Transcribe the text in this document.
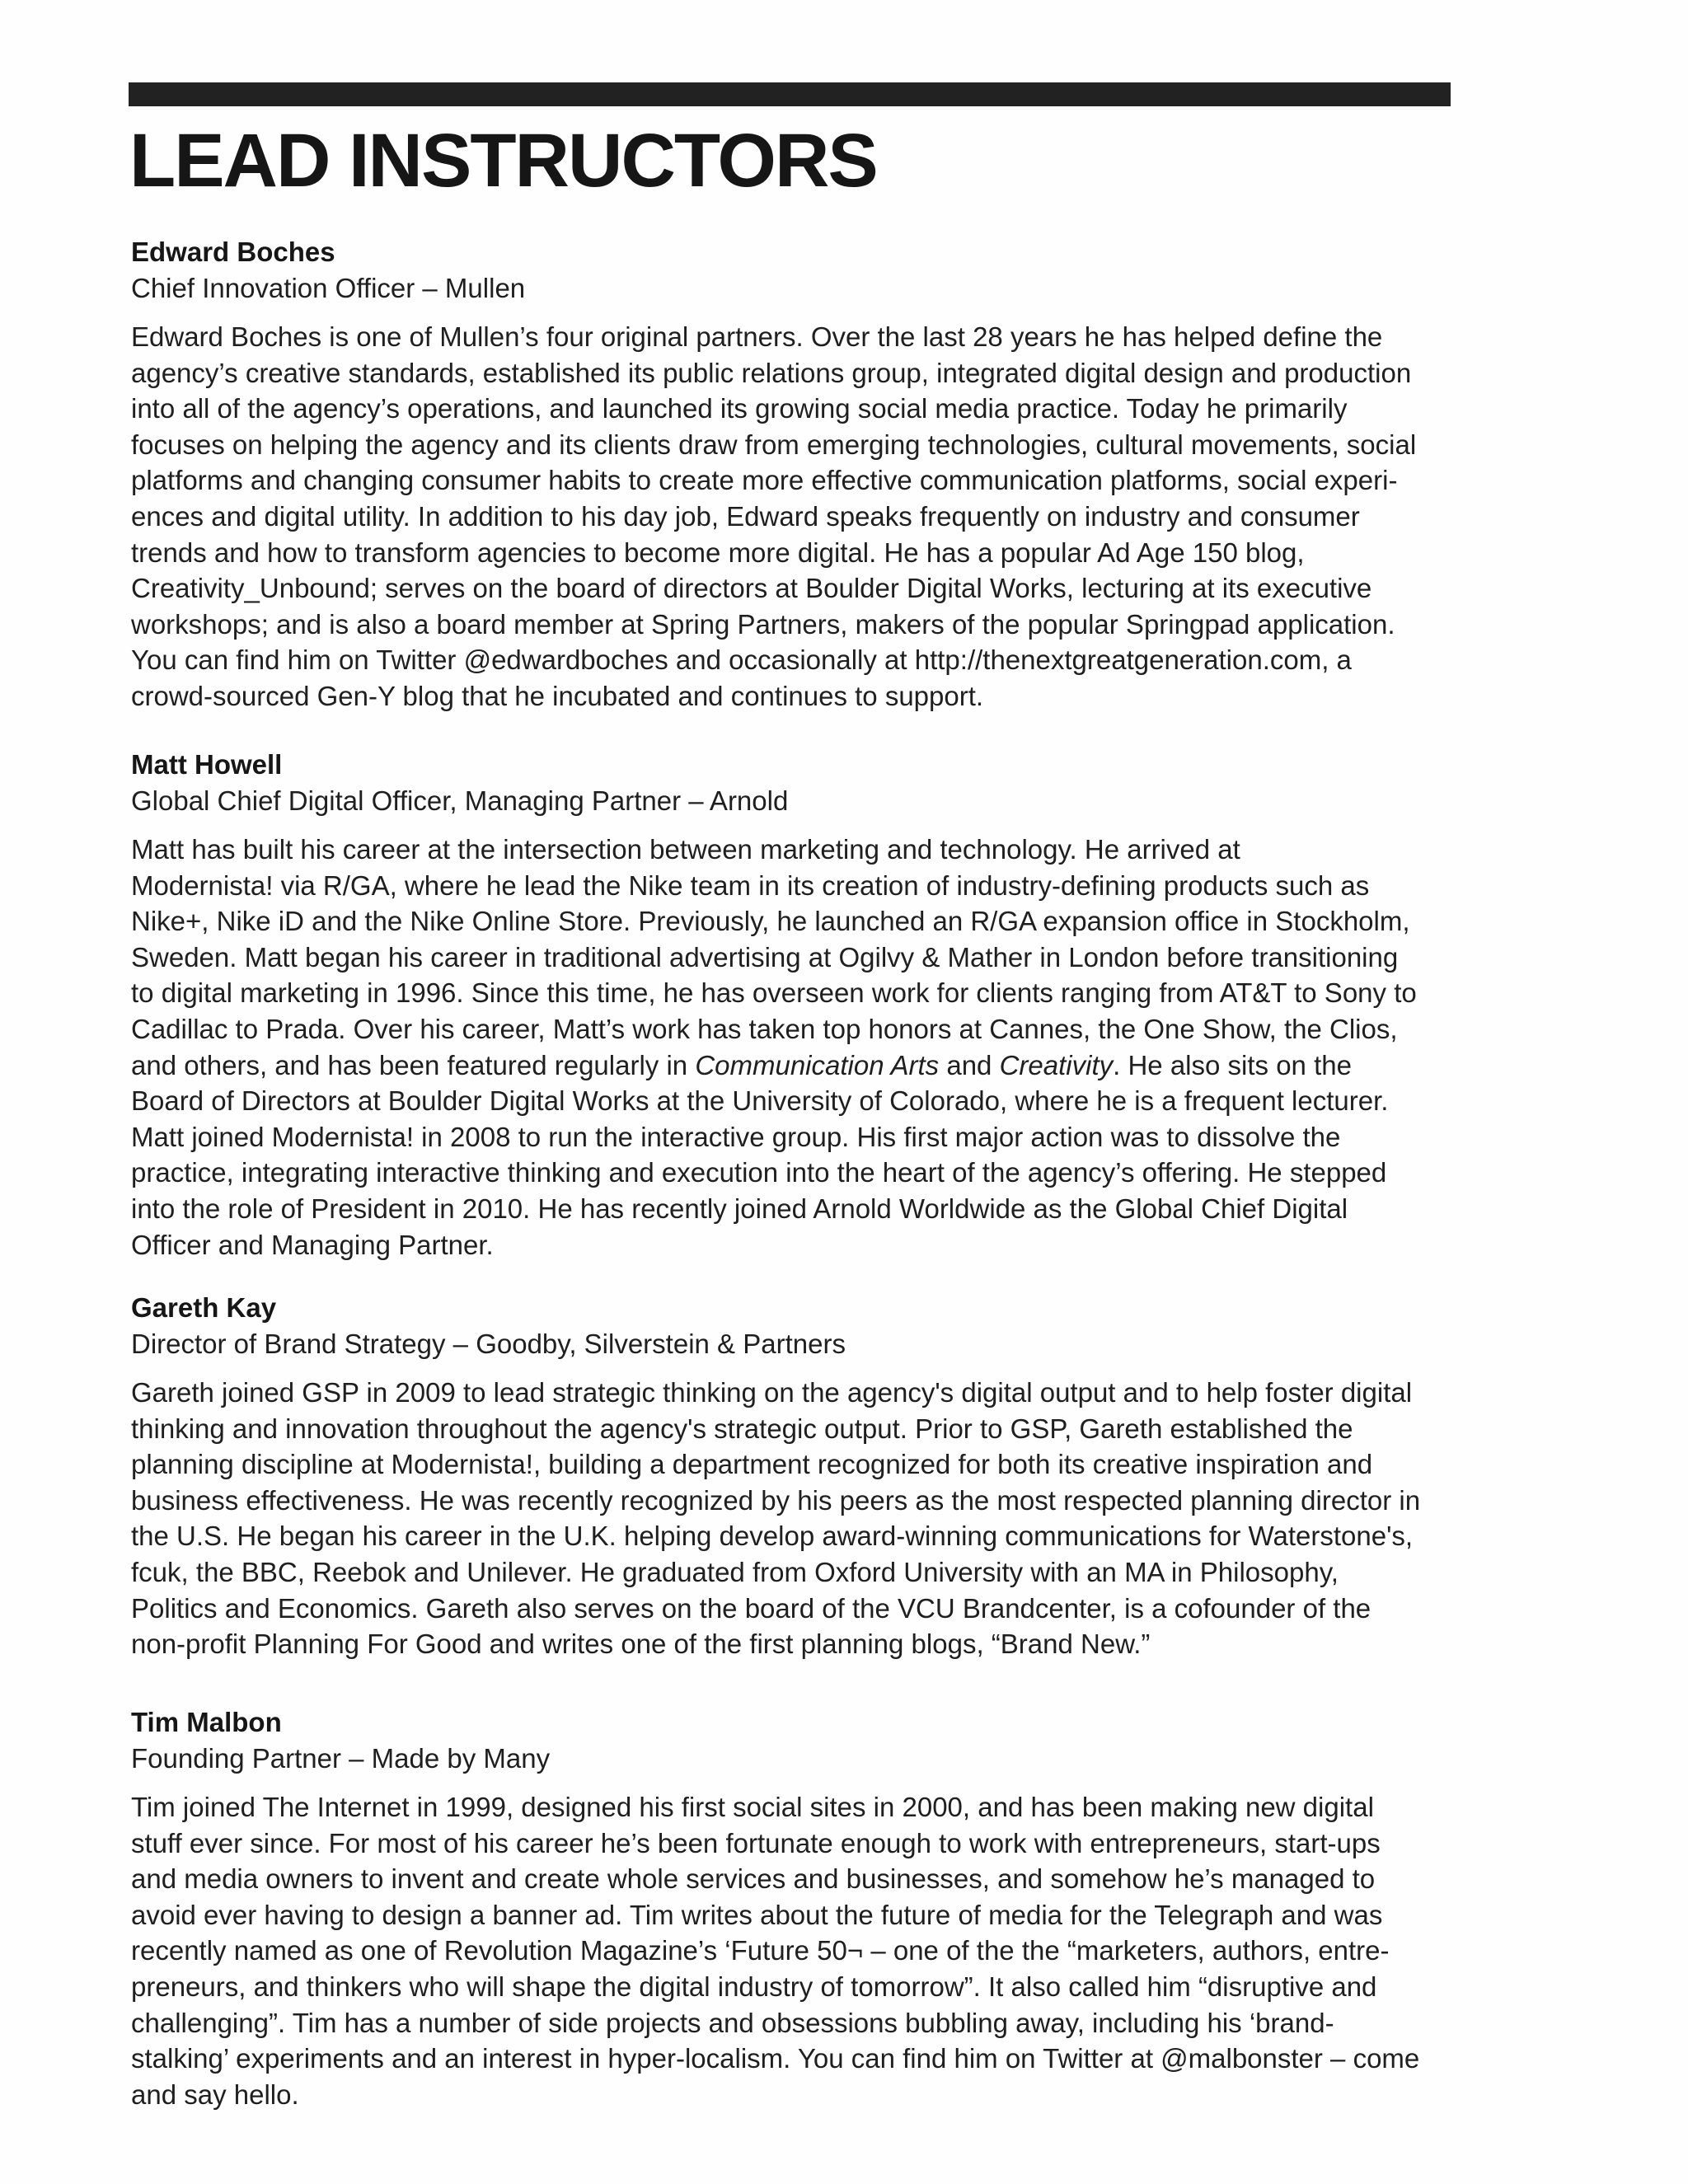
LEAD INSTRUCTORS

Edward Boches

Chief Innovation Officer – Mullen

Edward Boches is one of Mullen’s four original partners. Over the last 28 years he has helped define the
agency’s creative standards, established its public relations group, integrated digital design and production
into all of the agency’s operations, and launched its growing social media practice. Today he primarily
focuses on helping the agency and its clients draw from emerging technologies, cultural movements, social
platforms and changing consumer habits to create more effective communication platforms, social experi-
ences and digital utility. In addition to his day job, Edward speaks frequently on industry and consumer
trends and how to transform agencies to become more digital. He has a popular Ad Age 150 blog,
Creativity_Unbound; serves on the board of directors at Boulder Digital Works, lecturing at its executive
workshops; and is also a board member at Spring Partners, makers of the popular Springpad application.
You can find him on Twitter @edwardboches and occasionally at http://thenextgreatgeneration.com, a
crowd-sourced Gen-Y blog that he incubated and continues to support.

Matt Howell

Global Chief Digital Officer, Managing Partner – Arnold

Matt has built his career at the intersection between marketing and technology. He arrived at
Modernista! via R/GA, where he lead the Nike team in its creation of industry-defining products such as
Nike+, Nike iD and the Nike Online Store. Previously, he launched an R/GA expansion office in Stockholm,
Sweden. Matt began his career in traditional advertising at Ogilvy & Mather in London before transitioning
to digital marketing in 1996. Since this time, he has overseen work for clients ranging from AT&T to Sony to
Cadillac to Prada. Over his career, Matt’s work has taken top honors at Cannes, the One Show, the Clios,
and others, and has been featured regularly in Communication Arts and Creativity. He also sits on the
Board of Directors at Boulder Digital Works at the University of Colorado, where he is a frequent lecturer.
Matt joined Modernista! in 2008 to run the interactive group. His first major action was to dissolve the
practice, integrating interactive thinking and execution into the heart of the agency’s offering. He stepped
into the role of President in 2010. He has recently joined Arnold Worldwide as the Global Chief Digital
Officer and Managing Partner.

Gareth Kay

Director of Brand Strategy – Goodby, Silverstein & Partners

Gareth joined GSP in 2009 to lead strategic thinking on the agency's digital output and to help foster digital
thinking and innovation throughout the agency's strategic output. Prior to GSP, Gareth established the
planning discipline at Modernista!, building a department recognized for both its creative inspiration and
business effectiveness. He was recently recognized by his peers as the most respected planning director in
the U.S. He began his career in the U.K. helping develop award-winning communications for Waterstone's,
fcuk, the BBC, Reebok and Unilever. He graduated from Oxford University with an MA in Philosophy,
Politics and Economics. Gareth also serves on the board of the VCU Brandcenter, is a cofounder of the
non-profit Planning For Good and writes one of the first planning blogs, “Brand New.”

Tim Malbon

Founding Partner – Made by Many

Tim joined The Internet in 1999, designed his first social sites in 2000, and has been making new digital
stuff ever since. For most of his career he’s been fortunate enough to work with entrepreneurs, start-ups
and media owners to invent and create whole services and businesses, and somehow he’s managed to
avoid ever having to design a banner ad. Tim writes about the future of media for the Telegraph and was
recently named as one of Revolution Magazine’s ‘Future 50¬ – one of the the “marketers, authors, entre-
preneurs, and thinkers who will shape the digital industry of tomorrow”. It also called him “disruptive and
challenging”. Tim has a number of side projects and obsessions bubbling away, including his ‘brand-
stalking’ experiments and an interest in hyper-localism. You can find him on Twitter at @malbonster – come
and say hello.
